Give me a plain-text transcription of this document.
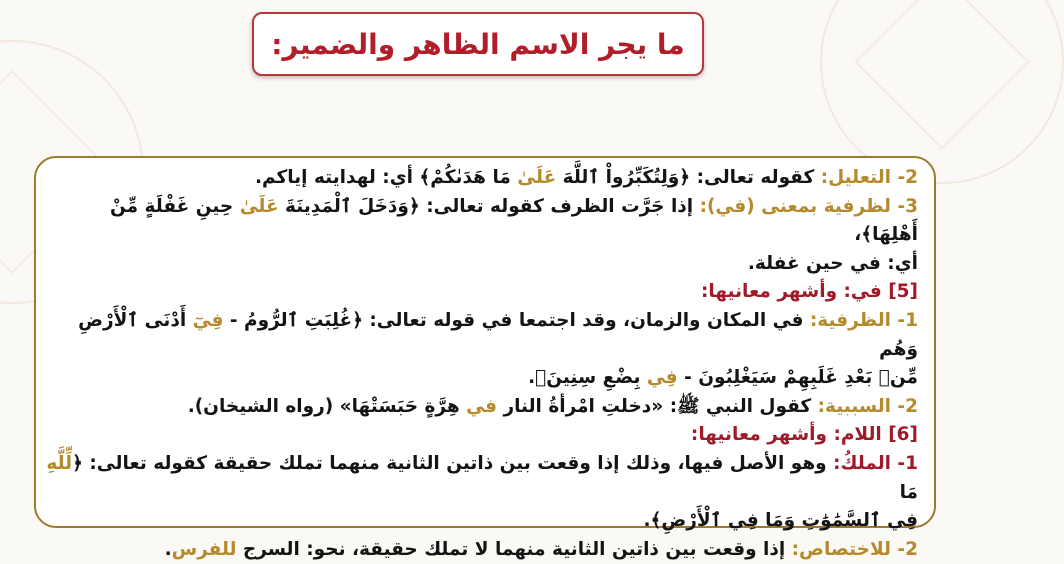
ما يجر الاسم الظاهر والضمير:

2- التعليل: كقوله تعالى: ﴿وَلِتُكَبِّرُواْ ٱللَّهَ عَلَىٰ مَا هَدَىٰكُمْ﴾ أي: لهدايته إياكم.

3- لظرفية بمعنى (في): إذا جَرَّت الظرف كقوله تعالى: ﴿وَدَخَلَ ٱلْمَدِينَةَ عَلَىٰ حِينِ غَفْلَةٍ مِّنْ أَهْلِهَا﴾،

أي: في حين غفلة.

[5] في: وأشهر معانيها:

1- الظرفية: في المكان والزمان، وقد اجتمعا في قوله تعالى: ﴿غُلِبَتِ ٱلرُّومُ - فِيٓ أَدْنَى ٱلْأَرْضِ وَهُم

مِّنۢ بَعْدِ غَلَبِهِمْ سَيَغْلِبُونَ - فِي بِضْعِ سِنِينَ﴾.

2- السببية: كقول النبي ﷺ: «دخلتِ امْرأةُ النار في هِرَّةٍ حَبَسَتْهَا» (رواه الشيخان).

[6] اللام: وأشهر معانيها:

1- الملكُ: وهو الأصل فيها، وذلك إذا وقعت بين ذاتين الثانية منهما تملك حقيقة كقوله تعالى: ﴿لِّلَّهِ مَا

فِي ٱلسَّمَٰوَٰتِ وَمَا فِي ٱلْأَرْضِ﴾.

2- للاختصاص: إذا وقعت بين ذاتين الثانية منهما لا تملك حقيقة، نحو: السرج للفرس.
